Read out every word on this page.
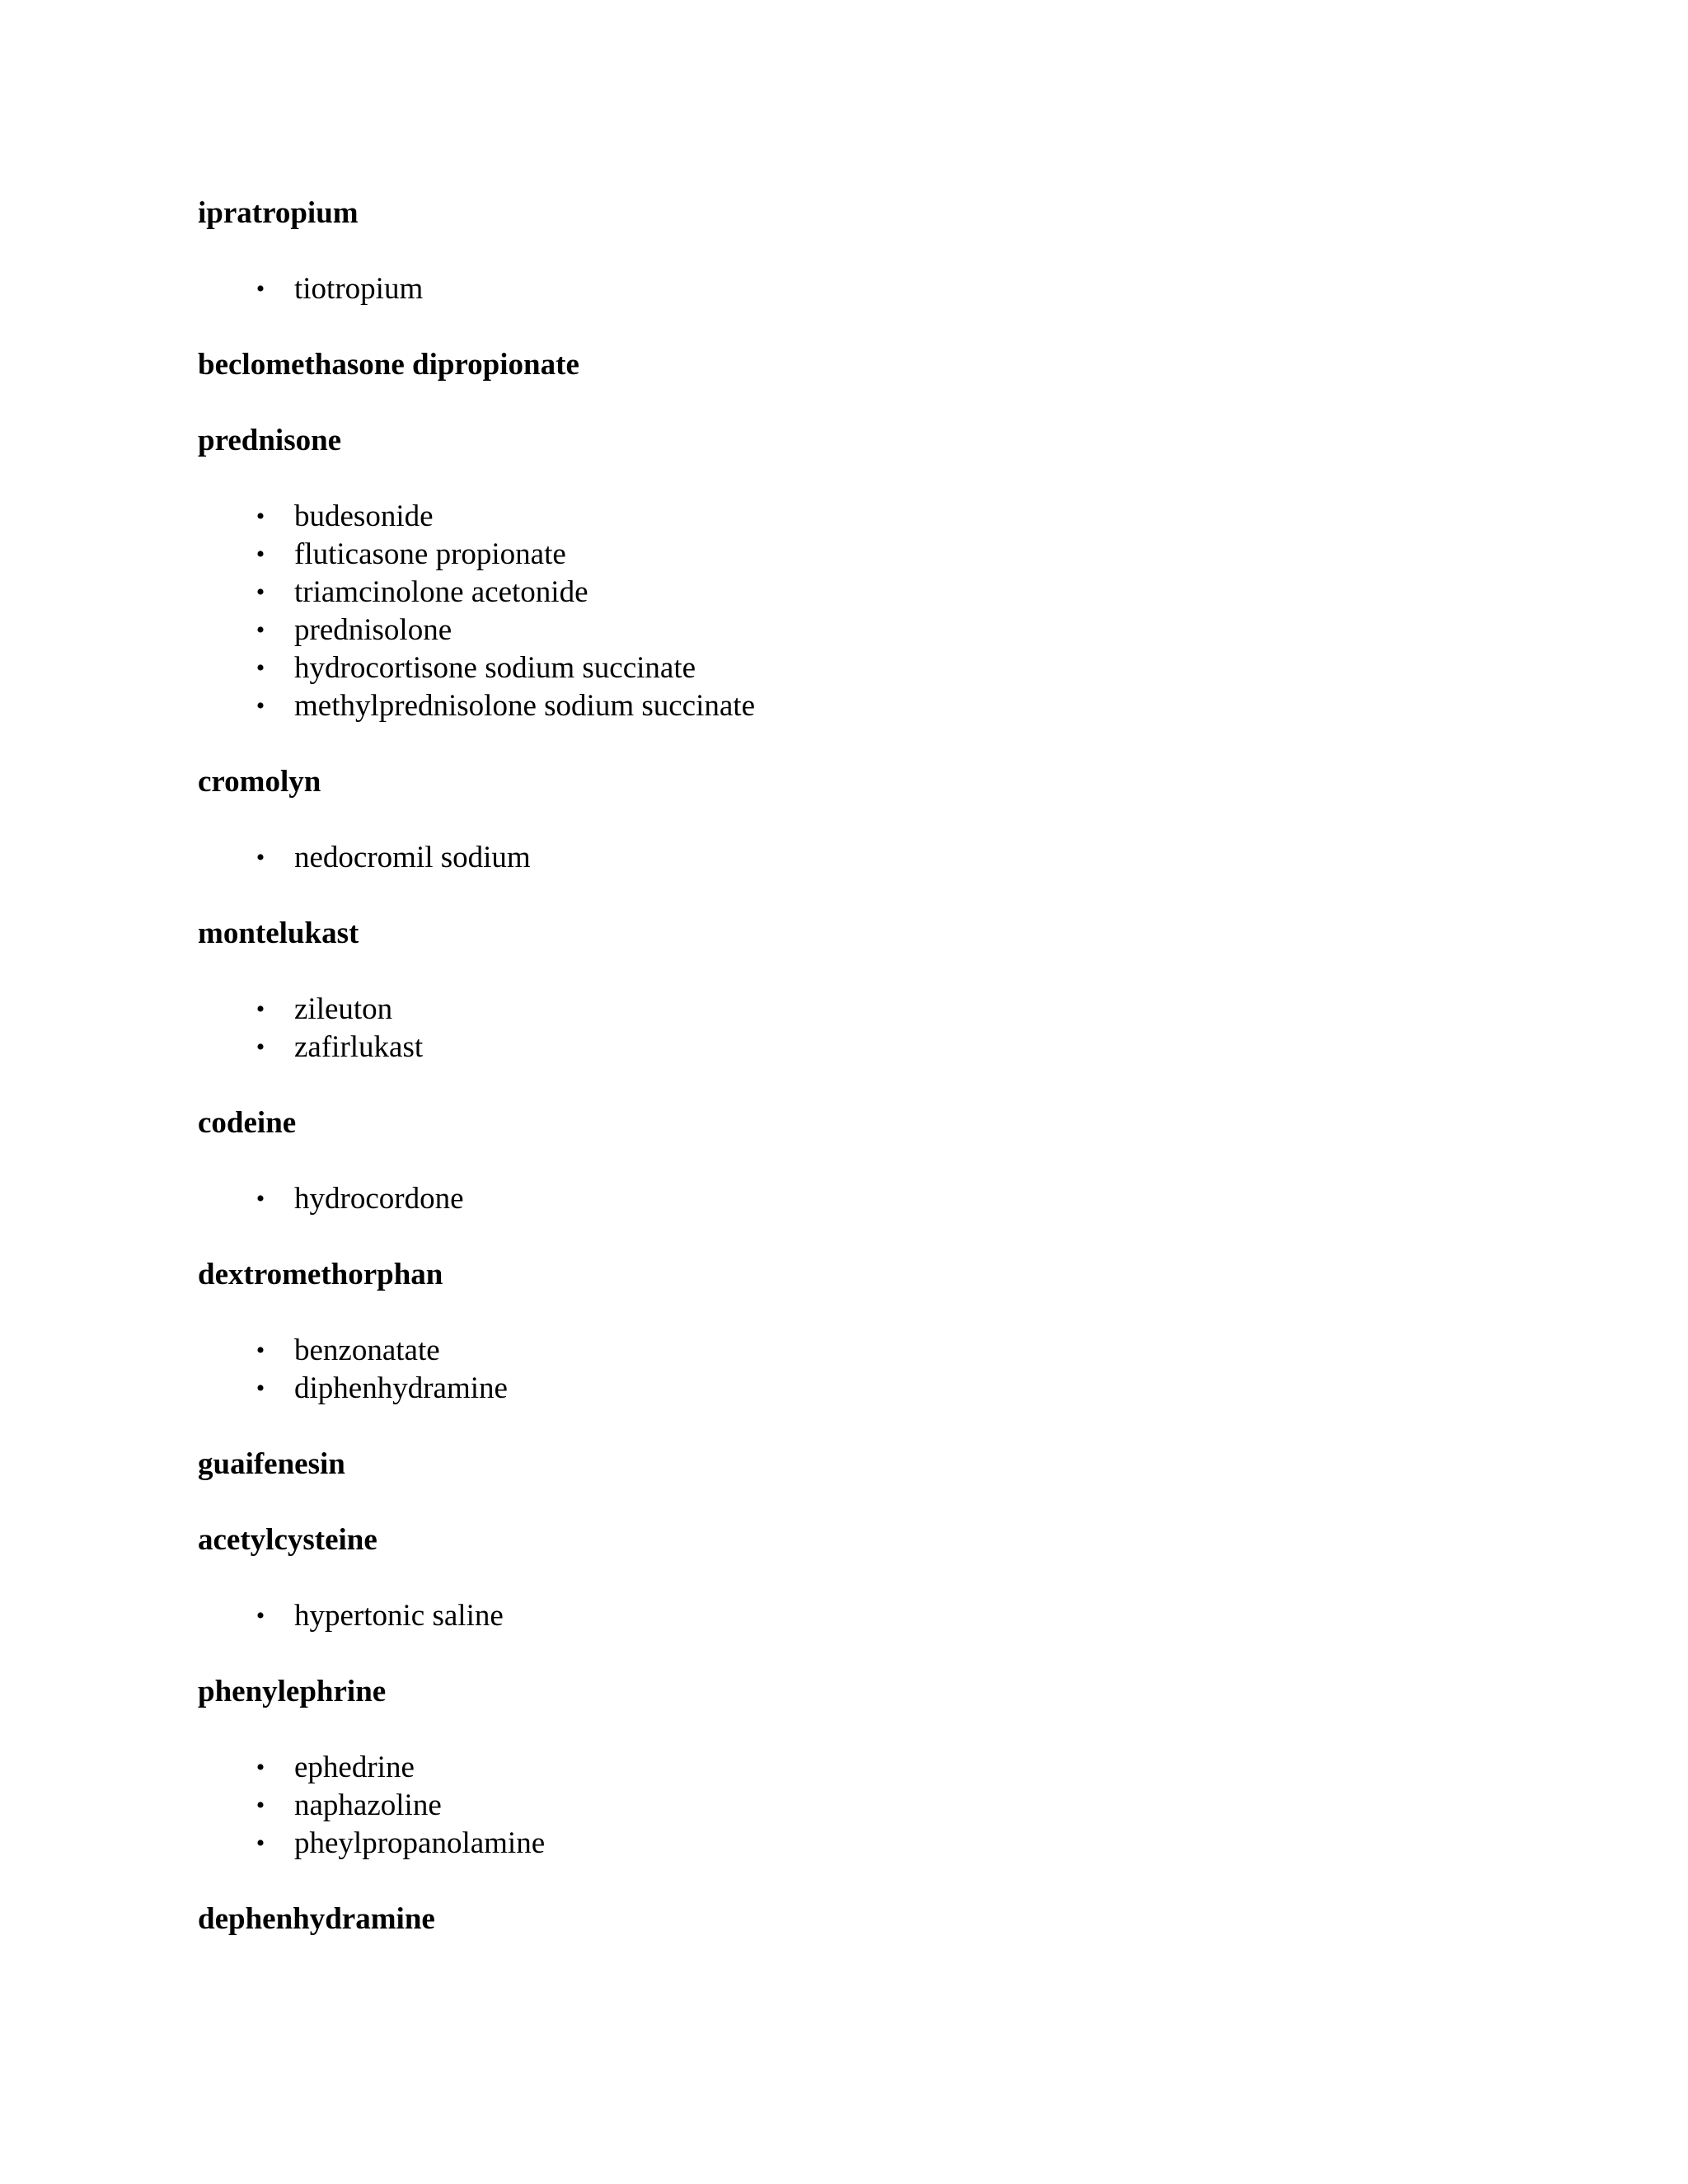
ipratropium
• tiotropium
beclomethasone dipropionate
prednisone
• budesonide
• fluticasone propionate
• triamcinolone acetonide
• prednisolone
• hydrocortisone sodium succinate
• methylprednisolone sodium succinate
cromolyn
• nedocromil sodium
montelukast
• zileuton
• zafirlukast
codeine
• hydrocordone
dextromethorphan
• benzonatate
• diphenhydramine
guaifenesin
acetylcysteine
• hypertonic saline
phenylephrine
• ephedrine
• naphazoline
• pheylpropanolamine
dephenhydramine
